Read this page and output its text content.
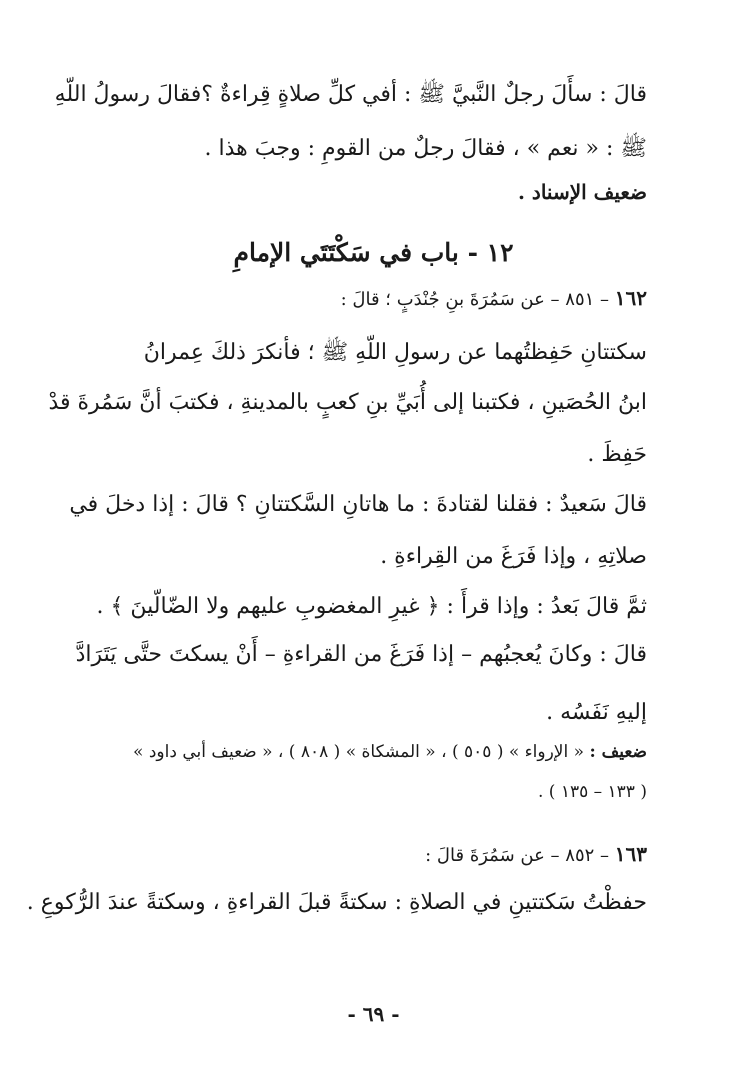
قالَ : سأَلَ رجلٌ النَّبيَّ ﷺ : أفي كلِّ صلاةٍ قِراءةٌ ؟فقالَ رسولُ اللّهِ
ﷺ : « نعم » ، فقالَ رجلٌ من القومِ : وجبَ هذا .
ضعيف الإسناد .
١٢ - باب في سَكْتَتَي الإمامِ
١٦٢ – ٨٥١ – عن سَمُرَةَ بنِ جُنْدَبٍ ؛ قالَ :
سكتتانِ حَفِظتُهما عن رسولِ اللّهِ ﷺ ؛ فأنكرَ ذلكَ عِمرانُ
ابنُ الحُصَينِ ، فكتبنا إلى أُبَيِّ بنِ كعبٍ بالمدينةِ ، فكتبَ أنَّ سَمُرةَ قدْ
حَفِظَ .
قالَ سَعيدٌ : فقلنا لقتادةَ : ما هاتانِ السَّكتتانِ ؟ قالَ : إذا دخلَ في
صلاتِهِ ، وإذا فَرَغَ من القِراءةِ .
ثمَّ قالَ بَعدُ : وإذا قرأَ : ﴿ غيرِ المغضوبِ عليهم ولا الضّالّينَ ﴾ .
قالَ : وكانَ يُعجبُهم – إذا فَرَغَ من القراءةِ – أَنْ يسكتَ حتَّى يَتَرَادَّ
إليهِ نَفَسُه .
ضعيف : « الإرواء » ( ٥٠٥ ) ، « المشكاة » ( ٨٠٨ ) ، « ضعيف أبي داود »
( ١٣٣ – ١٣٥ ) .
١٦٣ – ٨٥٢ – عن سَمُرَةَ قالَ :
حفظْتُ سَكتتينِ في الصلاةِ : سكتةً قبلَ القراءةِ ، وسكتةً عندَ الرُّكوعِ .
- ٦٩ -
